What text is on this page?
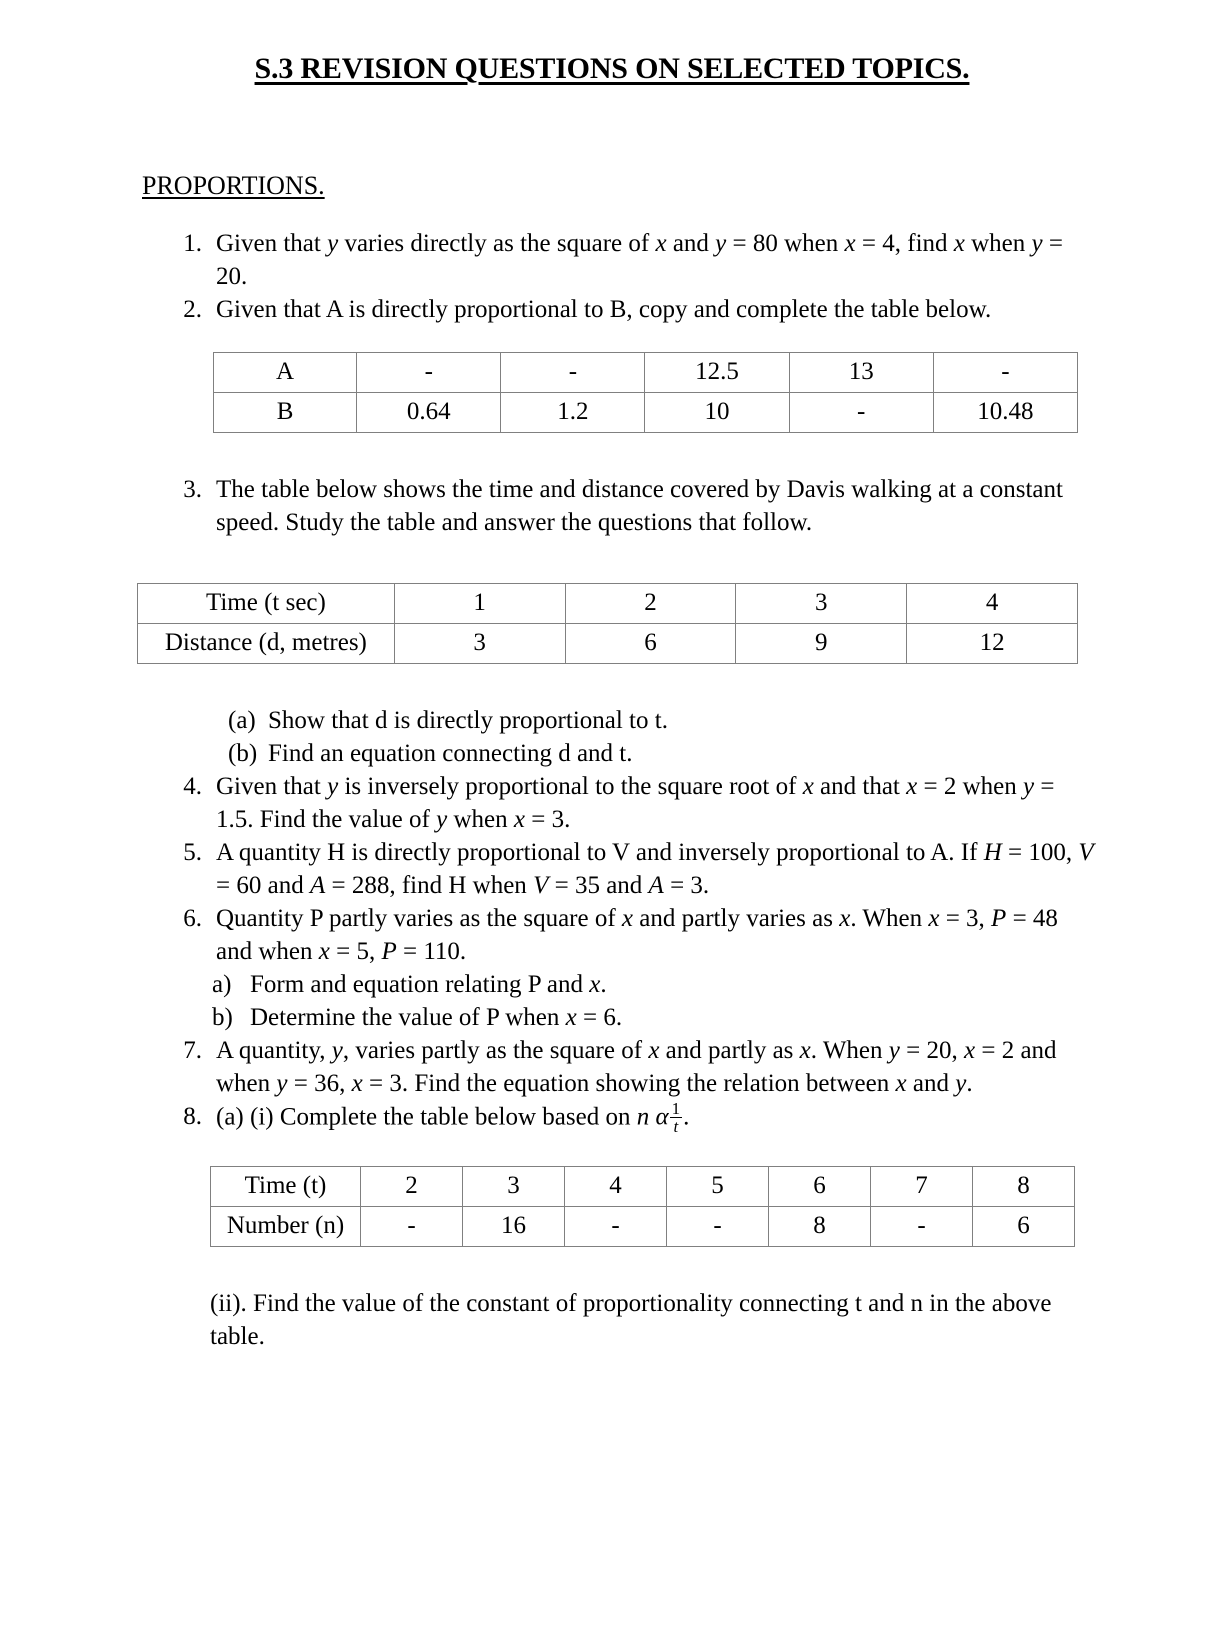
S.3 REVISION QUESTIONS ON SELECTED TOPICS.
PROPORTIONS.
1. Given that y varies directly as the square of x and y = 80 when x = 4, find x when y = 20.
2. Given that A is directly proportional to B, copy and complete the table below.
A	-	-	12.5	13	-
B	0.64	1.2	10	-	10.48
3. The table below shows the time and distance covered by Davis walking at a constant speed. Study the table and answer the questions that follow.
Time (t sec)	1	2	3	4
Distance (d, metres)	3	6	9	12
(a) Show that d is directly proportional to t.
(b) Find an equation connecting d and t.
4. Given that y is inversely proportional to the square root of x and that x = 2 when y = 1.5. Find the value of y when x = 3.
5. A quantity H is directly proportional to V and inversely proportional to A. If H = 100, V = 60 and A = 288, find H when V = 35 and A = 3.
6. Quantity P partly varies as the square of x and partly varies as x. When x = 3, P = 48 and when x = 5, P = 110.
a) Form and equation relating P and x.
b) Determine the value of P when x = 6.
7. A quantity, y, varies partly as the square of x and partly as x. When y = 20, x = 2 and when y = 36, x = 3. Find the equation showing the relation between x and y.
8. (a) (i) Complete the table below based on n α $\frac{1}{t}$ .
Time (t)	2	3	4	5	6	7	8
Number (n)	-	16	-	-	8	-	6
(ii). Find the value of the constant of proportionality connecting t and n in the above table.
